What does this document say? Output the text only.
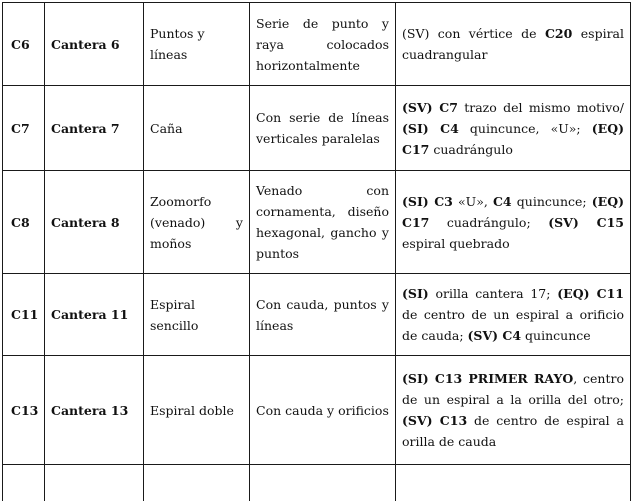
C6	Cantera 6	Puntos y líneas	Serie de punto y raya colocados horizontalmente	(SV) con vértice de C20 espiral cuadrangular
C7	Cantera 7	Caña	Con serie de líneas verticales paralelas	(SV) C7 trazo del mismo motivo/ (SI) C4 quincunce, «U»; (EQ) C17 cuadrángulo
C8	Cantera 8	Zoomorfo (venado) y moños	Venado con cornamenta, diseño hexagonal, gancho y puntos	(SI) C3 «U», C4 quincunce; (EQ) C17 cuadrángulo; (SV) C15 espiral quebrado
C11	Cantera 11	Espiral sencillo	Con cauda, puntos y líneas	(SI) orilla cantera 17; (EQ) C11 de centro de un espiral a orificio de cauda; (SV) C4 quincunce
C13	Cantera 13	Espiral doble	Con cauda y orificios	(SI) C13 PRIMER RAYO, centro de un espiral a la orilla del otro; (SV) C13 de centro de espiral a orilla de cauda
